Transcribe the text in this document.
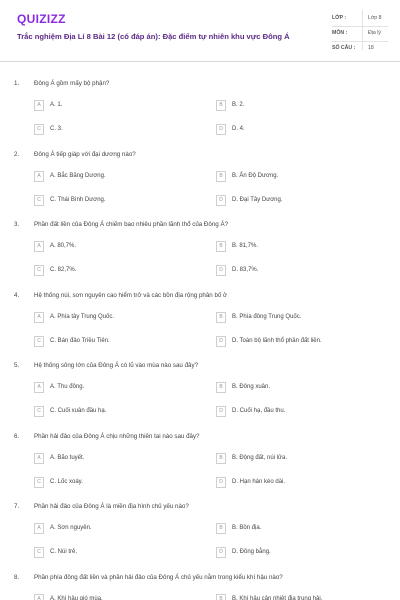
QUIZIZZ
Trắc nghiệm Địa Lí 8 Bài 12 (có đáp án): Đặc điểm tự nhiên khu vực Đông Á
LỚP :	Lớp 8
MÔN :	Địa lý
SỐ CÂU : 18
1. Đông Á gồm mấy bộ phận?
A	A. 1.	B	B. 2.
C	C. 3.	D	D. 4.
2. Đông Á tiếp giáp với đại dương nào?
A	A. Bắc Băng Dương.	B	B. Ấn Độ Dương.
C	C. Thái Bình Dương.	D	D. Đại Tây Dương.
3. Phần đất liền của Đông Á chiếm bao nhiêu phần lãnh thổ của Đông Á?
A	A. 80,7%.	B	B. 81,7%.
C	C. 82,7%.	D	D. 83,7%.
4. Hệ thống núi, sơn nguyên cao hiểm trở và các bồn địa rộng phân bố ở
A	A. Phía tây Trung Quốc.	B	B. Phía đông Trung Quốc.
C	C. Bán đảo Triều Tiên.	D	D. Toàn bộ lãnh thổ phần đất liền.
5. Hệ thống sông lớn của Đông Á có lũ vào mùa nào sau đây?
A	A. Thu đông.	B	B. Đông xuân.
C	C. Cuối xuân đầu hạ.	D	D. Cuối hạ, đầu thu.
6. Phần hải đảo của Đông Á chịu những thiên tai nào sau đây?
A	A. Bão tuyết.	B	B. Động đất, núi lửa.
C	C. Lốc xoáy.	D	D. Hạn hán kéo dài.
7. Phần hải đảo của Đông Á là miền địa hình chủ yếu nào?
A	A. Sơn nguyên.	B	B. Bồn địa.
C	C. Núi trẻ.	D	D. Đồng bằng.
8. Phần phía đông đất liền và phần hải đảo của Đông Á chủ yếu nằm trong kiểu khí hậu nào?
A	A. Khí hậu gió mùa.	B	B. Khí hậu cận nhiệt địa trung hải.
